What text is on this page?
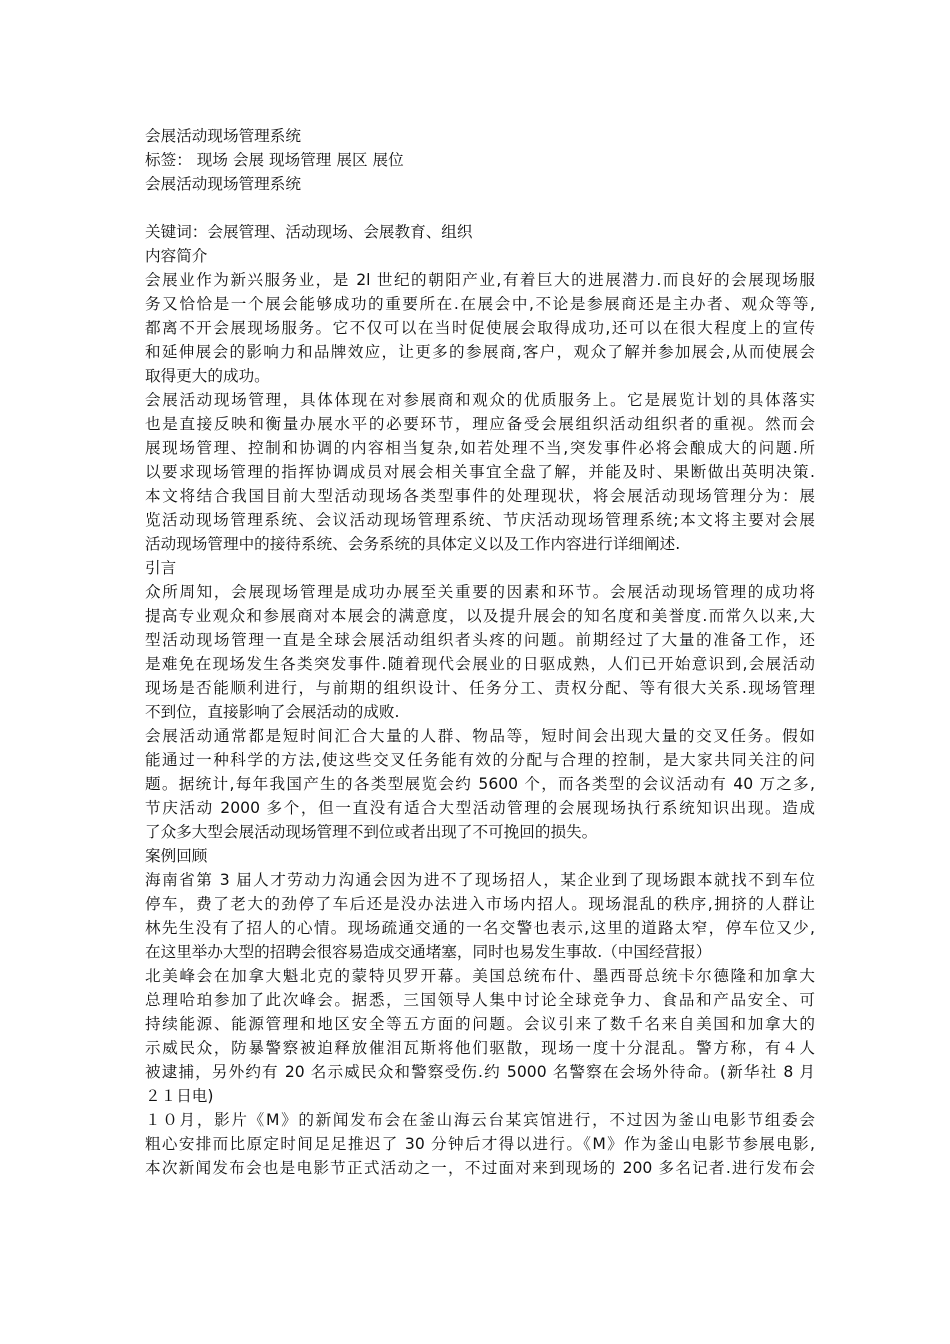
会展活动现场管理系统
标签： 现场 会展 现场管理 展区 展位
会展活动现场管理系统
关键词：会展管理、活动现场、会展教育、组织
内容简介
会展业作为新兴服务业，是 2l 世纪的朝阳产业,有着巨大的进展潜力.而良好的会展现场服
务又恰恰是一个展会能够成功的重要所在.在展会中,不论是参展商还是主办者、观众等等,
都离不开会展现场服务。它不仅可以在当时促使展会取得成功,还可以在很大程度上的宣传
和延伸展会的影响力和品牌效应，让更多的参展商,客户，观众了解并参加展会,从而使展会
取得更大的成功。
会展活动现场管理，具体体现在对参展商和观众的优质服务上。它是展览计划的具体落实
也是直接反映和衡量办展水平的必要环节，理应备受会展组织活动组织者的重视。然而会
展现场管理、控制和协调的内容相当复杂,如若处理不当,突发事件必将会酿成大的问题.所
以要求现场管理的指挥协调成员对展会相关事宜全盘了解，并能及时、果断做出英明决策.
本文将结合我国目前大型活动现场各类型事件的处理现状，将会展活动现场管理分为：展
览活动现场管理系统、会议活动现场管理系统、节庆活动现场管理系统;本文将主要对会展
活动现场管理中的接待系统、会务系统的具体定义以及工作内容进行详细阐述.
引言
众所周知，会展现场管理是成功办展至关重要的因素和环节。会展活动现场管理的成功将
提高专业观众和参展商对本展会的满意度，以及提升展会的知名度和美誉度.而常久以来,大
型活动现场管理一直是全球会展活动组织者头疼的问题。前期经过了大量的准备工作，还
是难免在现场发生各类突发事件.随着现代会展业的日驱成熟，人们已开始意识到,会展活动
现场是否能顺利进行，与前期的组织设计、任务分工、责权分配、等有很大关系.现场管理
不到位，直接影响了会展活动的成败.
会展活动通常都是短时间汇合大量的人群、物品等，短时间会出现大量的交叉任务。假如
能通过一种科学的方法,使这些交叉任务能有效的分配与合理的控制，是大家共同关注的问
题。据统计,每年我国产生的各类型展览会约 5600 个，而各类型的会议活动有 40 万之多,
节庆活动 2000 多个，但一直没有适合大型活动管理的会展现场执行系统知识出现。造成
了众多大型会展活动现场管理不到位或者出现了不可挽回的损失。
案例回顾
海南省第 3 届人才劳动力沟通会因为进不了现场招人，某企业到了现场跟本就找不到车位
停车，费了老大的劲停了车后还是没办法进入市场内招人。现场混乱的秩序,拥挤的人群让
林先生没有了招人的心情。现场疏通交通的一名交警也表示,这里的道路太窄，停车位又少,
在这里举办大型的招聘会很容易造成交通堵塞，同时也易发生事故.（中国经营报）
北美峰会在加拿大魁北克的蒙特贝罗开幕。美国总统布什、墨西哥总统卡尔德隆和加拿大
总理哈珀参加了此次峰会。据悉，三国领导人集中讨论全球竞争力、食品和产品安全、可
持续能源、能源管理和地区安全等五方面的问题。会议引来了数千名来自美国和加拿大的
示威民众，防暴警察被迫释放催泪瓦斯将他们驱散，现场一度十分混乱。警方称，有４人
被逮捕，另外约有 20 名示威民众和警察受伤.约 5000 名警察在会场外待命。(新华社 8 月
２１日电)
１０月，影片《M》的新闻发布会在釜山海云台某宾馆进行，不过因为釜山电影节组委会
粗心安排而比原定时间足足推迟了 30 分钟后才得以进行。《M》作为釜山电影节参展电影,
本次新闻发布会也是电影节正式活动之一，不过面对来到现场的 200 多名记者.进行发布会
